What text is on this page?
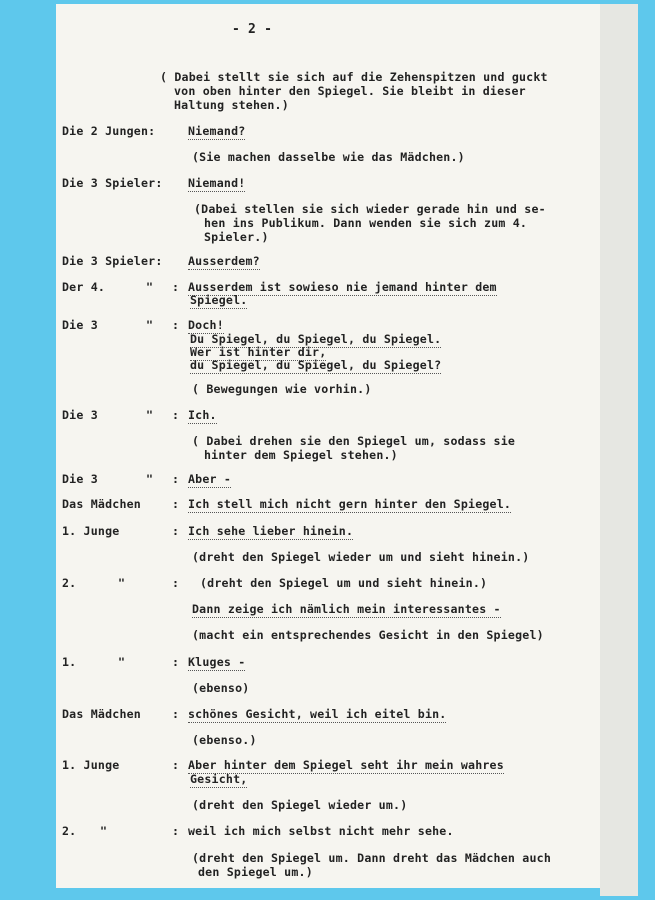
- 2 -
( Dabei stellt sie sich auf die Zehenspitzen und guckt
von oben hinter den Spiegel. Sie bleibt in dieser
Haltung stehen.)
Die 2 Jungen:	Niemand?
(Sie machen dasselbe wie das Mädchen.)
Die 3 Spieler: Niemand!
(Dabei stellen sie sich wieder gerade hin und se-
hen ins Publikum. Dann wenden sie sich zum 4.
Spieler.)
Die 3 Spieler: Ausserdem?
Der 4.	" : Ausserdem ist sowieso nie jemand hinter dem
Spiegel.
Die 3	" : Doch!
Du Spiegel, du Spiegel, du Spiegel.
Wer ist hinter dir,
du Spiegel, du Spiegel, du Spiegel?
( Bewegungen wie vorhin.)
Die 3	" : Ich.
( Dabei drehen sie den Spiegel um, sodass sie
hinter dem Spiegel stehen.)
Die 3	" : Aber -
Das Mädchen	: Ich stell mich nicht gern hinter den Spiegel.
1. Junge	: Ich sehe lieber hinein.
(dreht den Spiegel wieder um und sieht hinein.)
2.	"	: (dreht den Spiegel um und sieht hinein.)
Dann zeige ich nämlich mein interessantes -
(macht ein entsprechendes Gesicht in den Spiegel)
1.	"	: Kluges -
(ebenso)
Das Mädchen	: schönes Gesicht, weil ich eitel bin.
(ebenso.)
1. Junge	: Aber hinter dem Spiegel seht ihr mein wahres
Gesicht,
(dreht den Spiegel wieder um.)
2. "	: weil ich mich selbst nicht mehr sehe.
(dreht den Spiegel um. Dann dreht das Mädchen auch
den Spiegel um.)
